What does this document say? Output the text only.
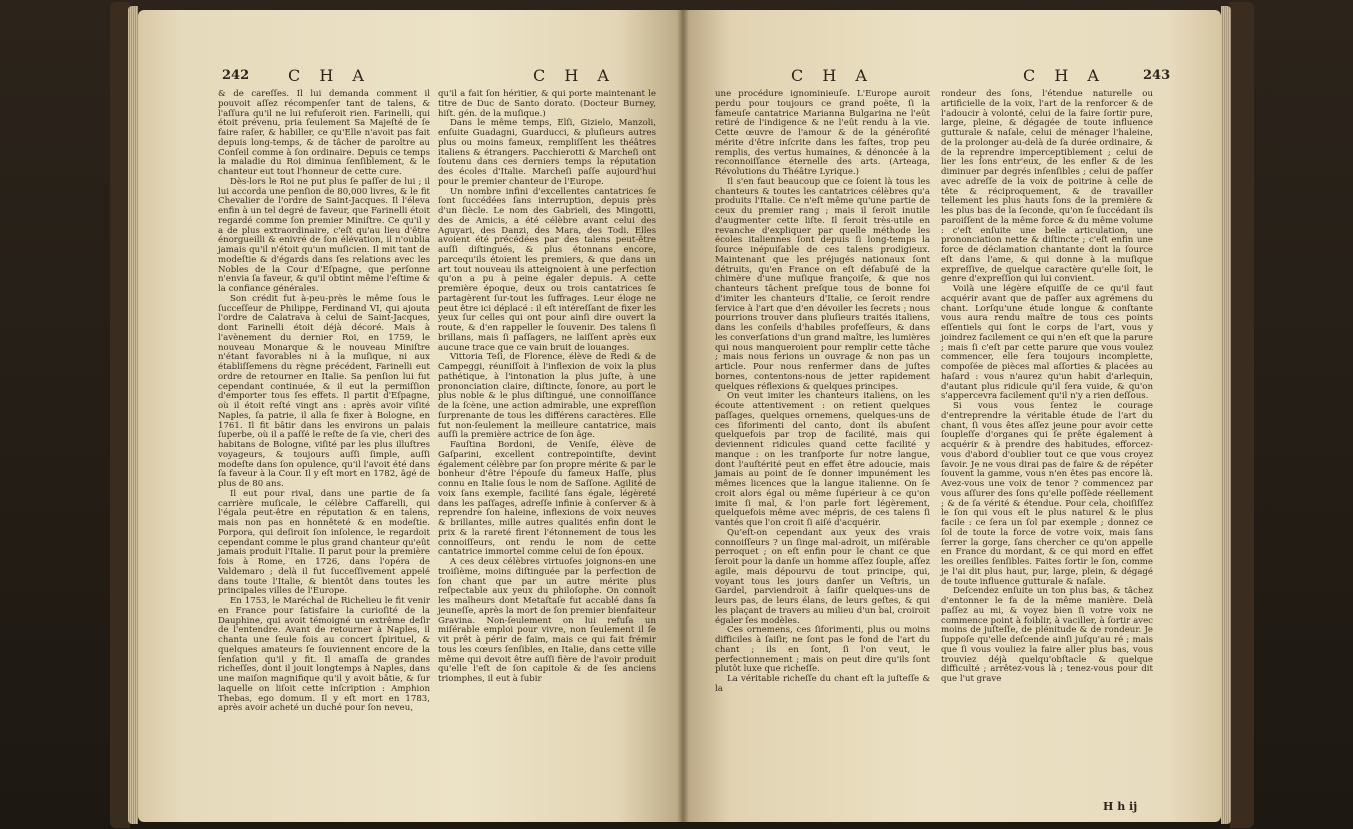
242 C H A	C H A

& de careſſes. Il lui demanda comment il pouvoit aſſez récompenſer tant de talens, & l'aſſura qu'il ne lui refuſeroit rien. Farinelli, qui étoit prévenu, pria ſeulement Sa Majeſté de ſe faire raſer, & habiller, ce qu'Elle n'avoit pas fait depuis long-temps, & de tâcher de paroître au Conſeil comme à ſon ordinaire. Depuis ce temps la maladie du Roi diminua ſenſiblement, & le chanteur eut tout l'honneur de cette cure.

Dès-lors le Roi ne put plus ſe paſſer de lui ; il lui accorda une penſion de 80,000 livres, & le fit Chevalier de l'ordre de Saint-Jacques. Il l'éleva enfin à un tel degré de faveur, que Farinelli étoit regardé comme ſon premier Miniſtre. Ce qu'il y a de plus extraordinaire, c'eſt qu'au lieu d'être énorgueilli & enivré de ſon élévation, il n'oublia jamais qu'il n'étoit qu'un muſicien. Il mit tant de modeſtie & d'égards dans ſes relations avec les Nobles de la Cour d'Eſpagne, que perſonne n'envia ſa faveur, & qu'il obtint même l'eſtime & la confiance générales.

Son crédit fut à-peu-près le même ſous le ſucceſſeur de Philippe, Ferdinand VI, qui ajouta l'ordre de Calatrava à celui de Saint-Jacques, dont Farinelli étoit déjà décoré. Mais à l'avènement du dernier Roi, en 1759, le nouveau Monarque & le nouveau Miniſtre n'étant favorables ni à la muſique, ni aux établiſſemens du règne précédent, Farinelli eut ordre de retourner en Italie. Sa penſion lui fut cependant continuée, & il eut la permiſſion d'emporter tous ſes effets. Il partit d'Eſpagne, où il étoit reſté vingt ans : après avoir viſité Naples, ſa patrie, il alla ſe fixer à Bologne, en 1761. Il fit bâtir dans les environs un palais ſuperbe, où il a paſſé le reſte de ſa vie, cheri des habitans de Bologne, viſité par les plus illuſtres voyageurs, & toujours auſſi ſimple, auſſi modeſte dans ſon opulence, qu'il l'avoit été dans ſa faveur à la Cour. Il y eſt mort en 1782, âgé de plus de 80 ans.

Il eut pour rival, dans une partie de ſa carrière muſicale, le célèbre Caffarelli, qui l'égala peut-être en réputation & en talens, mais non pas en honnêteté & en modeſtie. Porpora, qui deſiroit ſon inſolence, le regardoit cependant comme le plus grand chanteur qu'eût jamais produit l'Italie. Il parut pour la première fois à Rome, en 1726, dans l'opéra de Valdemaro ; delà il fut ſucceſſivement appelé dans toute l'Italie, & bientôt dans toutes les principales villes de l'Europe.

En 1753, le Maréchal de Richelieu le fit venir en France pour ſatisfaire la curioſité de la Dauphine, qui avoit témoigné un extrême deſir de l'entendre. Avant de retourner à Naples, il chanta une ſeule fois au concert ſpirituel, & quelques amateurs ſe ſouviennent encore de la ſenſation qu'il y fit. Il amaſſa de grandes richeſſes, dont il jouit longtemps à Naples, dans une maiſon magnifique qu'il y avoit bâtie, & ſur laquelle on liſoit cette inſcription : Amphion Thebas, ego domum. Il y eſt mort en 1783, après avoir acheté un duché pour ſon neveu,

qu'il a fait ſon héritier, & qui porte maintenant le titre de Duc de Santo dorato. (Docteur Burney, hiſt. gén. de la muſique.)

Dans le même temps, Elſi, Gizielo, Manzoli, enſuite Guadagni, Guarducci, & pluſieurs autres plus ou moins fameux, rempliſſent les théâtres italiens & étrangers. Pacchierotti & Marcheſi ont ſoutenu dans ces derniers temps la réputation des écoles d'Italie. Marcheſi paſſe aujourd'hui pour le premier chanteur de l'Europe.

Un nombre infini d'excellentes cantatrices ſe ſont ſuccédées ſans interruption, depuis près d'un ſiècle. Le nom des Gabrieli, des Mingotti, des de Amicis, a été célèbre avant celui des Aguyari, des Danzi, des Mara, des Todi. Elles avoient été précédées par des talens peut-être auſſi diſtingués, & plus étonnans encore, parcequ'ils étoient les premiers, & que dans un art tout nouveau ils atteignoient à une perfection qu'on a pu à peine égaler depuis. A cette première époque, deux ou trois cantatrices ſe partagèrent ſur-tout les ſuffrages. Leur éloge ne peut être ici déplacé : il eſt intéreſſant de fixer les yeux ſur celles qui ont pour ainſi dire ouvert la route, & d'en rappeller le ſouvenir. Des talens ſi brillans, mais ſi paſſagers, ne laiſſent après eux aucune trace que ce vain bruit de louanges.

Vittoria Teſi, de Florence, élève de Redi & de Campeggi, réuniſſoit à l'inflexion de voix la plus pathétique, à l'intonation la plus juſte, à une prononciation claire, diſtincte, ſonore, au port le plus noble & le plus diſtingué, une connoiſſance de la ſcène, une action admirable, une expreſſion ſurprenante de tous les différens caractères. Elle fut non-ſeulement la meilleure cantatrice, mais auſſi la première actrice de ſon âge.

Fauſtina Bordoni, de Veniſe, élève de Gaſparini, excellent contrepointiſte, devint également célèbre par ſon propre mérite & par le bonheur d'être l'épouſe du fameux Haſſe, plus connu en Italie ſous le nom de Saſſone. Agilité de voix ſans exemple, facilité ſans égale, légèreté dans les paſſages, adreſſe infinie à conſerver & à reprendre ſon haleine, inflexions de voix neuves & brillantes, mille autres qualités enfin dont le prix & la rareté firent l'étonnement de tous les connoiſſeurs, ont rendu le nom de cette cantatrice immortel comme celui de ſon époux.

A ces deux célèbres virtuoſes joignons-en une troiſième, moins diſtinguée par la perfection de ſon chant que par un autre mérite plus reſpectable aux yeux du philoſophe. On connoît les malheurs dont Metaſtaſe fut accablé dans ſa jeuneſſe, après la mort de ſon premier bienfaiteur Gravina. Non-ſeulement on lui refuſa un miſérable emploi pour vivre, non ſeulement il ſe vit prêt à périr de faim, mais ce qui fait frémir tous les cœurs ſenſibles, en Italie, dans cette ville même qui devoit être auſſi fière de l'avoir produit qu'elle l'eſt de ſon capitole & de ſes anciens triomphes, il eut à ſubir

C H A	C H A	243

une procédure ignominieuſe. L'Europe auroit perdu pour toujours ce grand poëte, ſi la fameuſe cantatrice Marianna Bulgarina ne l'eût retiré de l'indigence & ne l'eût rendu à la vie. Cette œuvre de l'amour & de la généroſité mérite d'être inſcrite dans les faſtes, trop peu remplis, des vertus humaines, & dénoncée à la reconnoiſſance éternelle des arts. (Arteaga, Révolutions du Théâtre Lyrique.)

Il s'en faut beaucoup que ce ſoient là tous les chanteurs & toutes les cantatrices célèbres qu'a produits l'Italie. Ce n'eſt même qu'une partie de ceux du premier rang ; mais il ſeroit inutile d'augmenter cette liſte. Il ſeroit très-utile en revanche d'expliquer par quelle méthode les écoles italiennes ſont depuis ſi long-temps la ſource inépuiſable de ces talens prodigieux. Maintenant que les préjugés nationaux ſont détruits, qu'en France on eſt déſabuſé de la chimère d'une muſique françoiſe, & que nos chanteurs tâchent preſque tous de bonne foi d'imiter les chanteurs d'Italie, ce ſeroit rendre ſervice à l'art que d'en dévoiler les ſecrets ; nous pourrions trouver dans pluſieurs traités italiens, dans les conſeils d'habiles profeſſeurs, & dans les converſations d'un grand maître, les lumières qui nous manqueroient pour remplir cette tâche ; mais nous ferions un ouvrage & non pas un article. Pour nous renfermer dans de juſtes bornes, contentons-nous de jetter rapidement quelques réflexions & quelques principes.

On veut imiter les chanteurs italiens, on les écoute attentivement : on retient quelques paſſages, quelques ornemens, quelques-uns de ces ſiforimenti del canto, dont ils abuſent quelquefois par trop de facilité, mais qui deviennent ridicules quand cette facilité y manque : on les tranſporte ſur notre langue, dont l'auſtérité peut en effet être adoucie, mais jamais au point de ſe donner impunément les mêmes licences que la langue italienne. On ſe croit alors égal ou même ſupérieur à ce qu'on imite ſi mal, & l'on parle fort légèrement, quelquefois même avec mépris, de ces talens ſi vantés que l'on croit ſi aiſé d'acquérir.

Qu'eſt-on cependant aux yeux des vrais connoiſſeurs ? un ſinge mal-adroit, un miſérable perroquet ; on eſt enfin pour le chant ce que ſeroit pour la danſe un homme aſſez ſouple, aſſez agile, mais dépourvu de tout principe, qui, voyant tous les jours danſer un Veſtris, un Gardel, parviendroit à ſaiſir quelques-uns de leurs pas, de leurs élans, de leurs geſtes, & qui les plaçant de travers au milieu d'un bal, croiroit égaler ſes modèles.

Ces ornemens, ces ſiforimenti, plus ou moins difficiles à ſaiſir, ne ſont pas le fond de l'art du chant ; ils en ſont, ſi l'on veut, le perfectionnement ; mais on peut dire qu'ils ſont plutôt luxe que richeſſe.

La véritable richeſſe du chant eſt la juſteſſe & la

rondeur des ſons, l'étendue naturelle ou artificielle de la voix, l'art de la renforcer & de l'adoucir à volonté, celui de la faire ſortir pure, large, pleine, & dégagée de toute influence gutturale & naſale, celui de ménager l'haleine, de la prolonger au-delà de ſa durée ordinaire, & de la reprendre imperceptiblement ; celui de lier les ſons entr'eux, de les enfler & de les diminuer par degrés inſenſibles ; celui de paſſer avec adreſſe de la voix de poitrine à celle de tête & réciproquement, & de travailler tellement les plus hauts ſons de la première & les plus bas de la ſeconde, qu'on ſe ſuccédant ils paroiſſent de la même force & du même volume : c'eſt enſuite une belle articulation, une prononciation nette & diſtincte ; c'eſt enfin une force de déclamation chantante dont la ſource eſt dans l'ame, & qui donne à la muſique expreſſive, de quelque caractère qu'elle ſoit, le genre d'expreſſion qui lui convient.

Voilà une légère eſquiſſe de ce qu'il faut acquérir avant que de paſſer aux agrémens du chant. Lorſqu'une étude longue & conſtante vous aura rendu maître de tous ces points eſſentiels qui ſont le corps de l'art, vous y joindrez facilement ce qui n'en eſt que la parure ; mais ſi c'eſt par cette parure que vous voulez commencer, elle ſera toujours incomplette, compoſée de pièces mal aſſorties & placées au haſard : vous n'aurez qu'un habit d'arlequin, d'autant plus ridicule qu'il ſera vuide, & qu'on s'appercevra facilement qu'il n'y a rien deſſous.

Si vous vous ſentez le courage d'entreprendre la véritable étude de l'art du chant, ſi vous êtes aſſez jeune pour avoir cette ſoupleſſe d'organes qui ſe prête également à acquérir & à prendre des habitudes, efforcez-vous d'abord d'oublier tout ce que vous croyez ſavoir. Je ne vous dirai pas de faire & de répéter ſouvent la gamme, vous n'en êtes pas encore là. Avez-vous une voix de tenor ? commencez par vous aſſurer des ſons qu'elle poſſède réellement ; & de ſa vérité & étendue. Pour cela, choiſiſſez le ſon qui vous eſt le plus naturel & le plus facile : ce ſera un ſol par exemple ; donnez ce ſol de toute la force de votre voix, mais ſans ſerrer la gorge, ſans chercher ce qu'on appelle en France du mordant, & ce qui mord en effet les oreilles ſenſibles. Faites ſortir le ſon, comme je l'ai dit plus haut, pur, large, plein, & dégagé de toute influence gutturale & naſale.

Deſcendez enſuite un ton plus bas, & tâchez d'entonner le fa de la même manière. Delà paſſez au mi, & voyez bien ſi votre voix ne commence point à foiblir, à vaciller, à ſortir avec moins de juſteſſe, de plénitude & de rondeur. Je ſuppoſe qu'elle deſcende ainſi juſqu'au ré ; mais que ſi vous vouliez la faire aller plus bas, vous trouviez déjà quelqu'obſtacle & quelque difficulté ; arrêtez-vous là ; tenez-vous pour dit que l'ut grave

H h ij
